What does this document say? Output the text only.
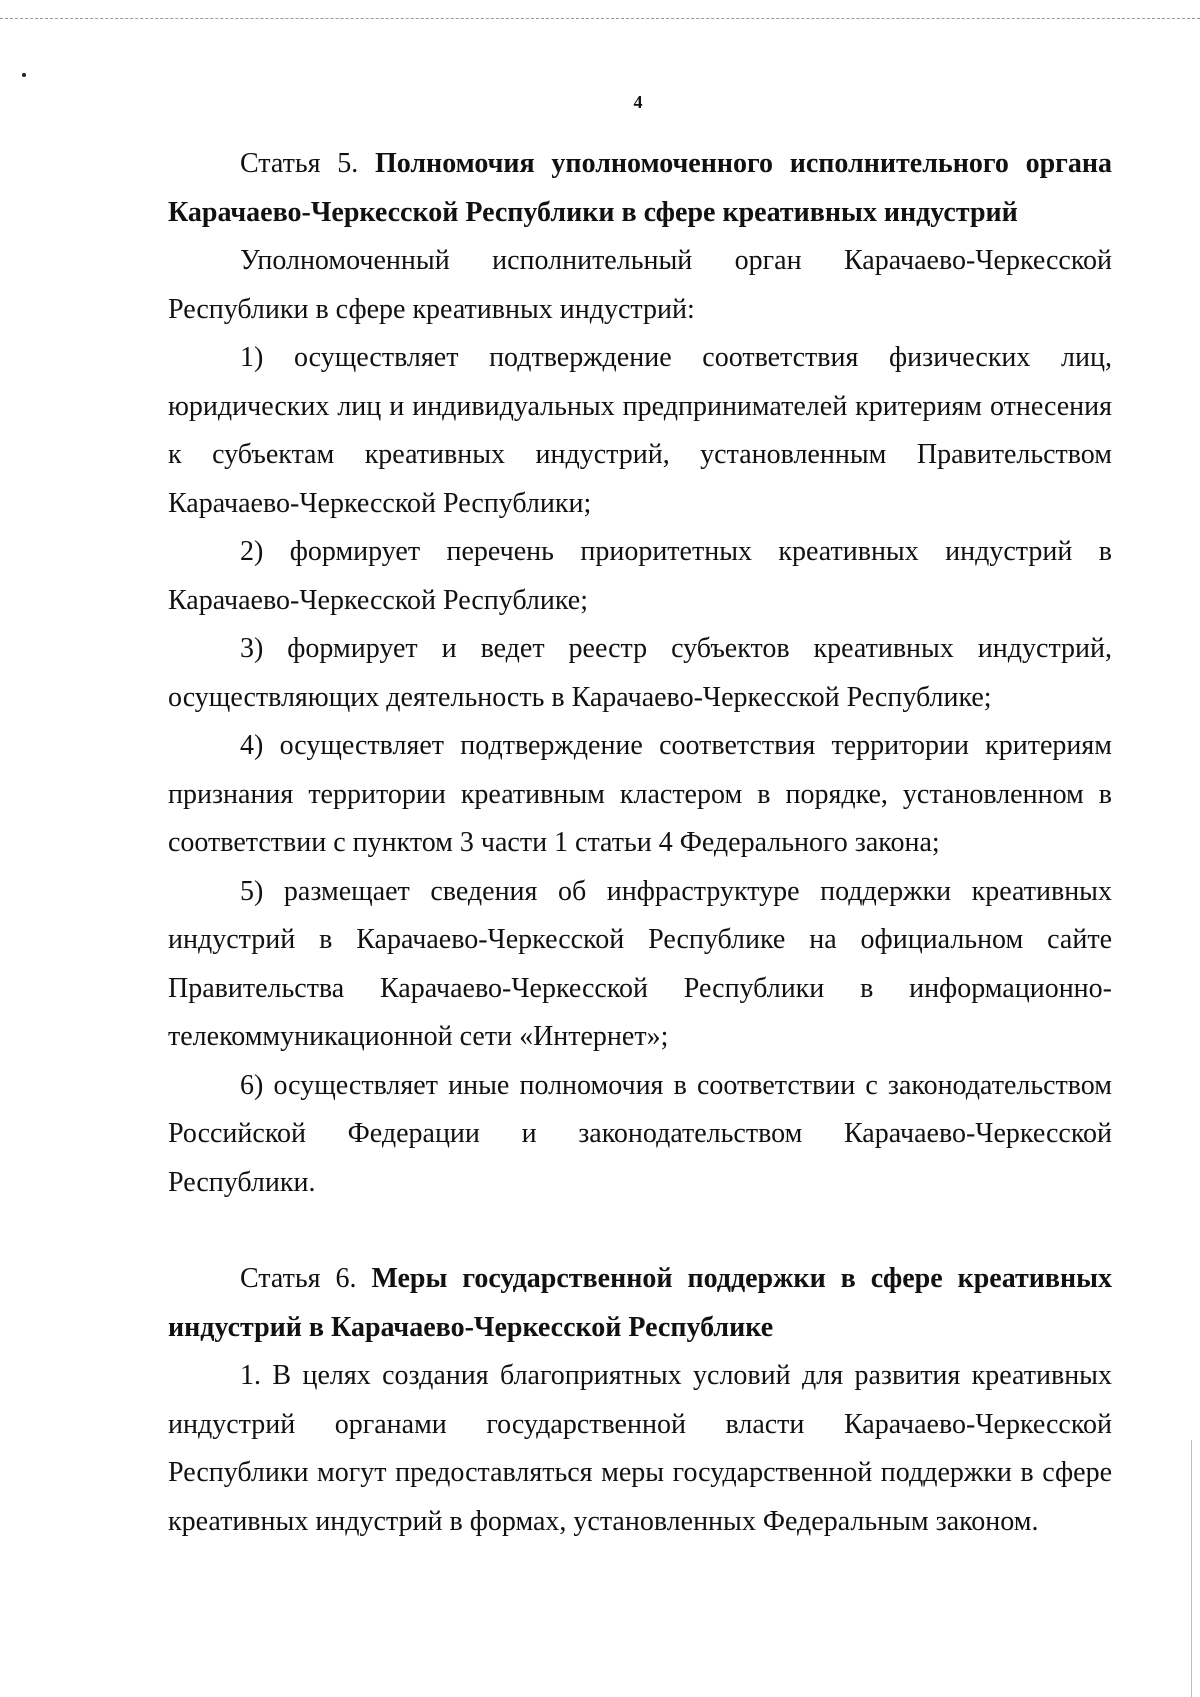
4

Статья 5. Полномочия уполномоченного исполнительного органа Карачаево-Черкесской Республики в сфере креативных индустрий

Уполномоченный исполнительный орган Карачаево-Черкесской Республики в сфере креативных индустрий:

1) осуществляет подтверждение соответствия физических лиц, юридических лиц и индивидуальных предпринимателей критериям отнесения к субъектам креативных индустрий, установленным Правительством Карачаево-Черкесской Республики;

2) формирует перечень приоритетных креативных индустрий в Карачаево-Черкесской Республике;

3) формирует и ведет реестр субъектов креативных индустрий, осуществляющих деятельность в Карачаево-Черкесской Республике;

4) осуществляет подтверждение соответствия территории критериям признания территории креативным кластером в порядке, установленном в соответствии с пунктом 3 части 1 статьи 4 Федерального закона;

5) размещает сведения об инфраструктуре поддержки креативных индустрий в Карачаево-Черкесской Республике на официальном сайте Правительства Карачаево-Черкесской Республики в информационно-телекоммуникационной сети «Интернет»;

6) осуществляет иные полномочия в соответствии с законодательством Российской Федерации и законодательством Карачаево-Черкесской Республики.

Статья 6. Меры государственной поддержки в сфере креативных индустрий в Карачаево-Черкесской Республике

1. В целях создания благоприятных условий для развития креативных индустрий органами государственной власти Карачаево-Черкесской Республики могут предоставляться меры государственной поддержки в сфере креативных индустрий в формах, установленных Федеральным законом.
